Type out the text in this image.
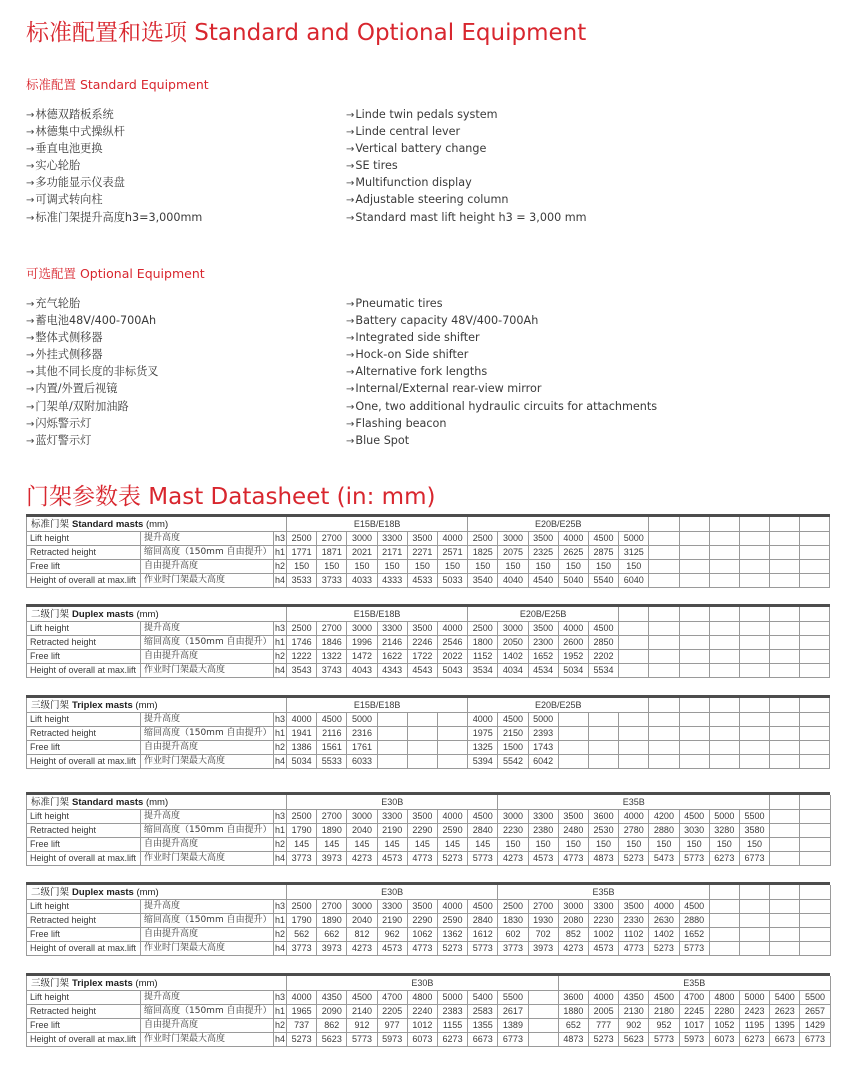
标准配置和选项 Standard and Optional Equipment
标准配置 Standard Equipment
→林德双踏板系统
→林德集中式操纵杆
→垂直电池更换
→实心轮胎
→多功能显示仪表盘
→可调式转向柱
→标准门架提升高度h3=3,000mm
→Linde twin pedals system
→Linde central lever
→Vertical battery change
→SE tires
→Multifunction display
→Adjustable steering column
→Standard mast lift height h3 = 3,000 mm
可选配置 Optional Equipment
→充气轮胎
→蓄电池48V/400-700Ah
→整体式侧移器
→外挂式侧移器
→其他不同长度的非标货叉
→内置/外置后视镜
→门架单/双附加油路
→闪烁警示灯
→蓝灯警示灯
→Pneumatic tires
→Battery capacity 48V/400-700Ah
→Integrated side shifter
→Hock-on Side shifter
→Alternative fork lengths
→Internal/External rear-view mirror
→One, two additional hydraulic circuits for attachments
→Flashing beacon
→Blue Spot
门架参数表 Mast Datasheet (in: mm)
标准门架 Standard masts (mm)			E15B/E18B						E20B/E25B											
Lift height	提升高度	h3	2500	2700	3000	3300	3500	4000	2500	3000	3500	4000	4500	5000						
Retracted height	缩回高度（150mm 自由提升）	h1	1771	1871	2021	2171	2271	2571	1825	2075	2325	2625	2875	3125						
Free lift	自由提升高度	h2	150	150	150	150	150	150	150	150	150	150	150	150						
Height of overall at max.lift	作业时门架最大高度	h4	3533	3733	4033	4333	4533	5033	3540	4040	4540	5040	5540	6040						
二级门架 Duplex masts (mm)			E15B/E18B						E20B/E25B											
Lift height	提升高度	h3	2500	2700	3000	3300	3500	4000	2500	3000	3500	4000	4500							
Retracted height	缩回高度（150mm 自由提升）	h1	1746	1846	1996	2146	2246	2546	1800	2050	2300	2600	2850							
Free lift	自由提升高度	h2	1222	1322	1472	1622	1722	2022	1152	1402	1652	1952	2202							
Height of overall at max.lift	作业时门架最大高度	h4	3543	3743	4043	4343	4543	5043	3534	4034	4534	5034	5534							
三级门架 Triplex masts (mm)			E15B/E18B						E20B/E25B											
Lift height	提升高度	h3	4000	4500	5000				4000	4500	5000									
Retracted height	缩回高度（150mm 自由提升）	h1	1941	2116	2316				1975	2150	2393									
Free lift	自由提升高度	h2	1386	1561	1761				1325	1500	1743									
Height of overall at max.lift	作业时门架最大高度	h4	5034	5533	6033				5394	5542	6042									
标准门架 Standard masts (mm)			E30B							E35B										
Lift height	提升高度	h3	2500	2700	3000	3300	3500	4000	4500	3000	3300	3500	3600	4000	4200	4500	5000	5500		
Retracted height	缩回高度（150mm 自由提升）	h1	1790	1890	2040	2190	2290	2590	2840	2230	2380	2480	2530	2780	2880	3030	3280	3580		
Free lift	自由提升高度	h2	145	145	145	145	145	145	145	150	150	150	150	150	150	150	150	150		
Height of overall at max.lift	作业时门架最大高度	h4	3773	3973	4273	4573	4773	5273	5773	4273	4573	4773	4873	5273	5473	5773	6273	6773		
二级门架 Duplex masts (mm)			E30B							E35B										
Lift height	提升高度	h3	2500	2700	3000	3300	3500	4000	4500	2500	2700	3000	3300	3500	4000	4500				
Retracted height	缩回高度（150mm 自由提升）	h1	1790	1890	2040	2190	2290	2590	2840	1830	1930	2080	2230	2330	2630	2880				
Free lift	自由提升高度	h2	562	662	812	962	1062	1362	1612	602	702	852	1002	1102	1402	1652				
Height of overall at max.lift	作业时门架最大高度	h4	3773	3973	4273	4573	4773	5273	5773	3773	3973	4273	4573	4773	5273	5773				
三级门架 Triplex masts (mm)			E30B									E35B								
Lift height	提升高度	h3	4000	4350	4500	4700	4800	5000	5400	5500		3600	4000	4350	4500	4700	4800	5000	5400	5500
Retracted height	缩回高度（150mm 自由提升）	h1	1965	2090	2140	2205	2240	2383	2583	2617		1880	2005	2130	2180	2245	2280	2423	2623	2657
Free lift	自由提升高度	h2	737	862	912	977	1012	1155	1355	1389		652	777	902	952	1017	1052	1195	1395	1429
Height of overall at max.lift	作业时门架最大高度	h4	5273	5623	5773	5973	6073	6273	6673	6773		4873	5273	5623	5773	5973	6073	6273	6673	6773
